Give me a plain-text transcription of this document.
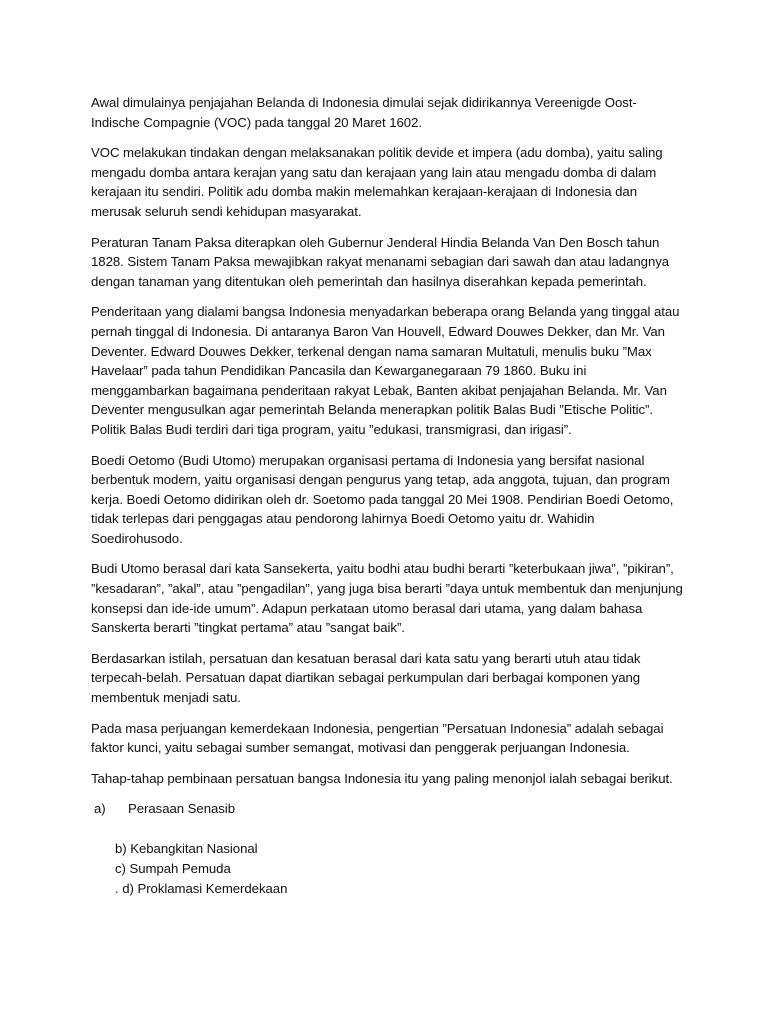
Awal dimulainya penjajahan Belanda di Indonesia dimulai sejak didirikannya Vereenigde Oost-Indische Compagnie (VOC) pada tanggal 20 Maret 1602.

VOC melakukan tindakan dengan melaksanakan politik devide et impera (adu domba), yaitu saling mengadu domba antara kerajan yang satu dan kerajaan yang lain atau mengadu domba di dalam kerajaan itu sendiri. Politik adu domba makin melemahkan kerajaan-kerajaan di Indonesia dan merusak seluruh sendi kehidupan masyarakat.

Peraturan Tanam Paksa diterapkan oleh Gubernur Jenderal Hindia Belanda Van Den Bosch tahun 1828. Sistem Tanam Paksa mewajibkan rakyat menanami sebagian dari sawah dan atau ladangnya dengan tanaman yang ditentukan oleh pemerintah dan hasilnya diserahkan kepada pemerintah.

Penderitaan yang dialami bangsa Indonesia menyadarkan beberapa orang Belanda yang tinggal atau pernah tinggal di Indonesia. Di antaranya Baron Van Houvell, Edward Douwes Dekker, dan Mr. Van Deventer. Edward Douwes Dekker, terkenal dengan nama samaran Multatuli, menulis buku ”Max Havelaar” pada tahun Pendidikan Pancasila dan Kewarganegaraan 79 1860. Buku ini menggambarkan bagaimana penderitaan rakyat Lebak, Banten akibat penjajahan Belanda. Mr. Van Deventer mengusulkan agar pemerintah Belanda menerapkan politik Balas Budi ”Etische Politic”. Politik Balas Budi terdiri dari tiga program, yaitu ”edukasi, transmigrasi, dan irigasi”.

Boedi Oetomo (Budi Utomo) merupakan organisasi pertama di Indonesia yang bersifat nasional berbentuk modern, yaitu organisasi dengan pengurus yang tetap, ada anggota, tujuan, dan program kerja. Boedi Oetomo didirikan oleh dr. Soetomo pada tanggal 20 Mei 1908. Pendirian Boedi Oetomo, tidak terlepas dari penggagas atau pendorong lahirnya Boedi Oetomo yaitu dr. Wahidin Soedirohusodo.

Budi Utomo berasal dari kata Sansekerta, yaitu bodhi atau budhi berarti ”keterbukaan jiwa”, ”pikiran”, ”kesadaran”, ”akal”, atau ”pengadilan”, yang juga bisa berarti ”daya untuk membentuk dan menjunjung konsepsi dan ide-ide umum”. Adapun perkataan utomo berasal dari utama, yang dalam bahasa Sanskerta berarti ”tingkat pertama” atau ”sangat baik”.

Berdasarkan istilah, persatuan dan kesatuan berasal dari kata satu yang berarti utuh atau tidak terpecah-belah. Persatuan dapat diartikan sebagai perkumpulan dari berbagai komponen yang membentuk menjadi satu.

Pada masa perjuangan kemerdekaan Indonesia, pengertian ”Persatuan Indonesia” adalah sebagai faktor kunci, yaitu sebagai sumber semangat, motivasi dan penggerak perjuangan Indonesia.

Tahap-tahap pembinaan persatuan bangsa Indonesia itu yang paling menonjol ialah sebagai berikut.

a)	Perasaan Senasib
b) Kebangkitan Nasional
c) Sumpah Pemuda
. d) Proklamasi Kemerdekaan
